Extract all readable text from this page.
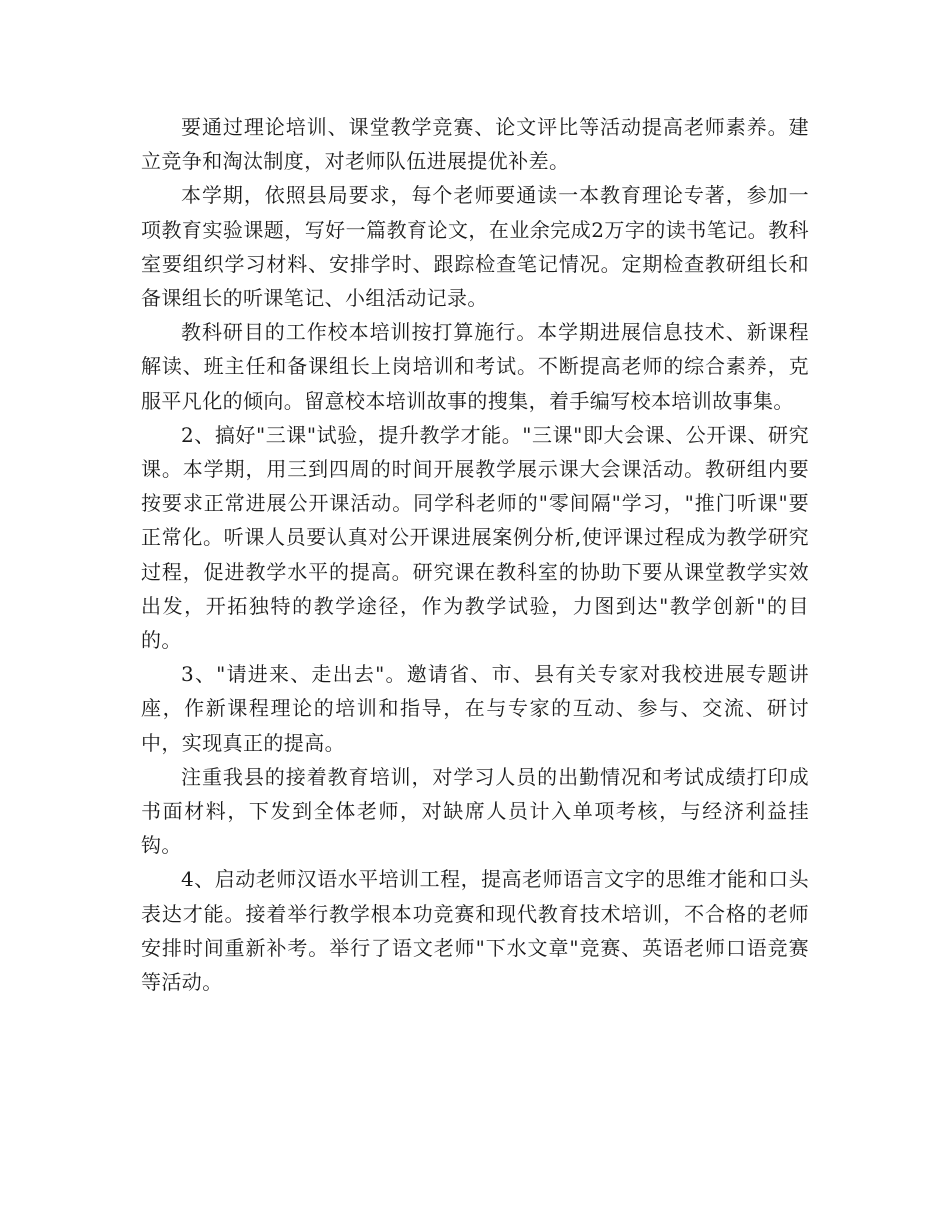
要通过理论培训、课堂教学竞赛、论文评比等活动提高老师素养。建立竞争和淘汰制度，对老师队伍进展提优补差。

本学期，依照县局要求，每个老师要通读一本教育理论专著，参加一项教育实验课题，写好一篇教育论文，在业余完成2万字的读书笔记。教科室要组织学习材料、安排学时、跟踪检查笔记情况。定期检查教研组长和备课组长的听课笔记、小组活动记录。

教科研目的工作校本培训按打算施行。本学期进展信息技术、新课程解读、班主任和备课组长上岗培训和考试。不断提高老师的综合素养，克服平凡化的倾向。留意校本培训故事的搜集，着手编写校本培训故事集。

2、搞好"三课"试验，提升教学才能。"三课"即大会课、公开课、研究课。本学期，用三到四周的时间开展教学展示课大会课活动。教研组内要按要求正常进展公开课活动。同学科老师的"零间隔"学习，"推门听课"要正常化。听课人员要认真对公开课进展案例分析,使评课过程成为教学研究过程，促进教学水平的提高。研究课在教科室的协助下要从课堂教学实效出发，开拓独特的教学途径，作为教学试验，力图到达"教学创新"的目的。

3、"请进来、走出去"。邀请省、市、县有关专家对我校进展专题讲座，作新课程理论的培训和指导，在与专家的互动、参与、交流、研讨中，实现真正的提高。

注重我县的接着教育培训，对学习人员的出勤情况和考试成绩打印成书面材料，下发到全体老师，对缺席人员计入单项考核，与经济利益挂钩。

4、启动老师汉语水平培训工程，提高老师语言文字的思维才能和口头表达才能。接着举行教学根本功竞赛和现代教育技术培训，不合格的老师安排时间重新补考。举行了语文老师"下水文章"竞赛、英语老师口语竞赛等活动。
